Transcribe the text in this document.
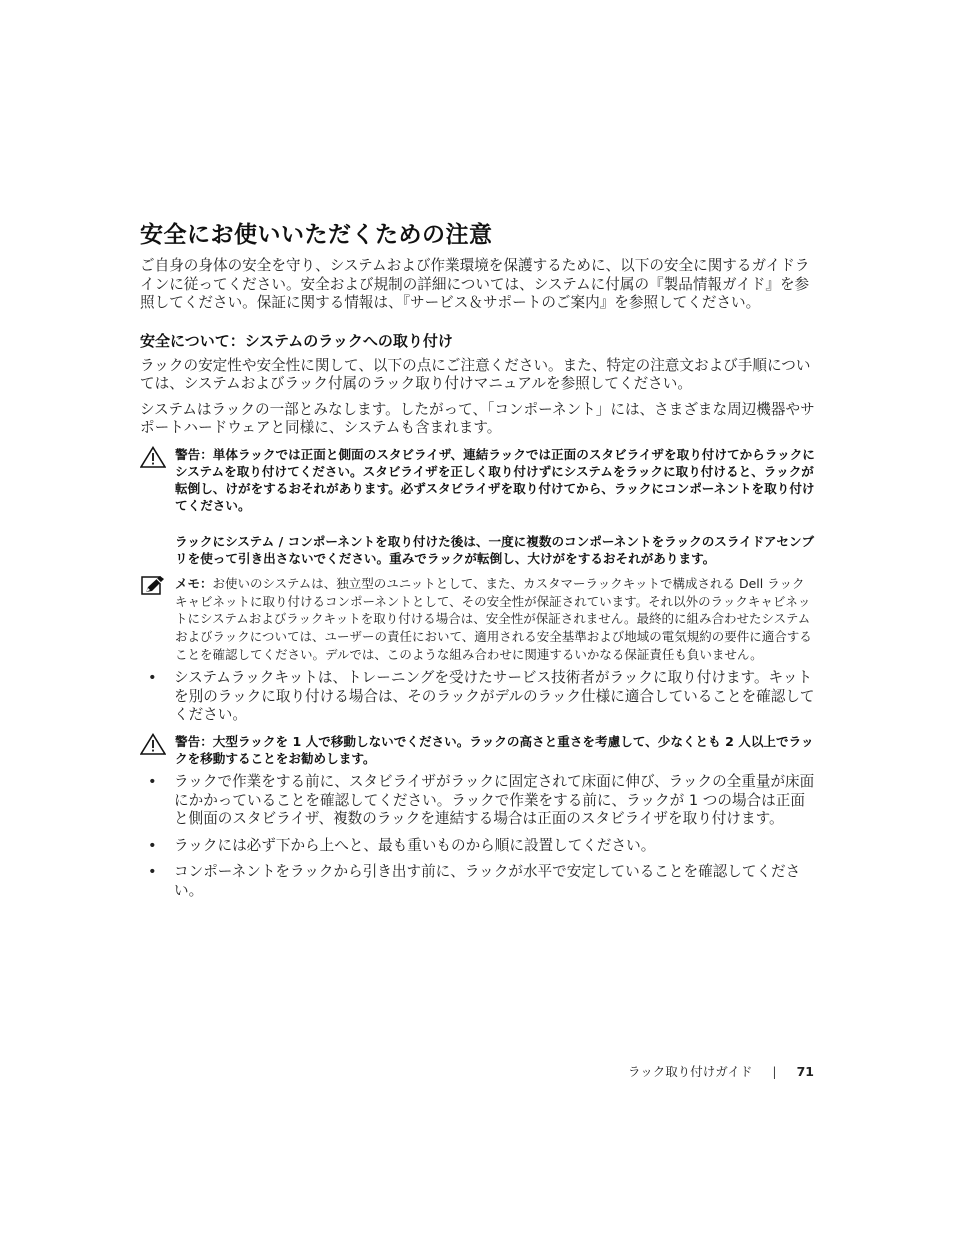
安全にお使いいただくための注意

ご自身の身体の安全を守り、システムおよび作業環境を保護するために、以下の安全に関するガイドラインに従ってください。安全および規制の詳細については、システムに付属の『製品情報ガイド』を参照してください。保証に関する情報は、『サービス＆サポートのご案内』を参照してください。

安全について：システムのラックへの取り付け

ラックの安定性や安全性に関して、以下の点にご注意ください。また、特定の注意文および手順については、システムおよびラック付属のラック取り付けマニュアルを参照してください。

システムはラックの一部とみなします。したがって、「コンポーネント」には、さまざまな周辺機器やサポートハードウェアと同様に、システムも含まれます。

警告：単体ラックでは正面と側面のスタビライザ、連結ラックでは正面のスタビライザを取り付けてからラックにシステムを取り付けてください。スタビライザを正しく取り付けずにシステムをラックに取り付けると、ラックが転倒し、けがをするおそれがあります。必ずスタビライザを取り付けてから、ラックにコンポーネントを取り付けてください。

ラックにシステム / コンポーネントを取り付けた後は、一度に複数のコンポーネントをラックのスライドアセンブリを使って引き出さないでください。重みでラックが転倒し、大けがをするおそれがあります。

メモ：お使いのシステムは、独立型のユニットとして、また、カスタマーラックキットで構成される Dell ラックキャビネットに取り付けるコンポーネントとして、その安全性が保証されています。それ以外のラックキャビネットにシステムおよびラックキットを取り付ける場合は、安全性が保証されません。最終的に組み合わせたシステムおよびラックについては、ユーザーの責任において、適用される安全基準および地域の電気規約の要件に適合することを確認してください。デルでは、このような組み合わせに関連するいかなる保証責任も負いません。

• システムラックキットは、トレーニングを受けたサービス技術者がラックに取り付けます。キットを別のラックに取り付ける場合は、そのラックがデルのラック仕様に適合していることを確認してください。

警告：大型ラックを 1 人で移動しないでください。ラックの高さと重さを考慮して、少なくとも 2 人以上でラックを移動することをお勧めします。

• ラックで作業をする前に、スタビライザがラックに固定されて床面に伸び、ラックの全重量が床面にかかっていることを確認してください。ラックで作業をする前に、ラックが 1 つの場合は正面と側面のスタビライザ、複数のラックを連結する場合は正面のスタビライザを取り付けます。
• ラックには必ず下から上へと、最も重いものから順に設置してください。
• コンポーネントをラックから引き出す前に、ラックが水平で安定していることを確認してください。
ラック取り付けガイド | 71
